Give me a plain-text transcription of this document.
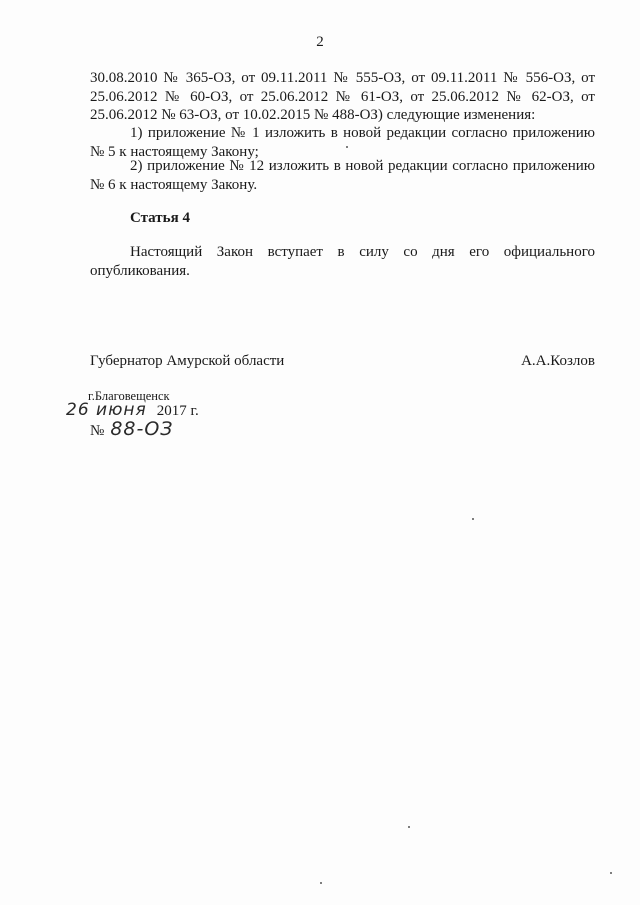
2
30.08.2010 № 365-ОЗ, от 09.11.2011 № 555-ОЗ, от 09.11.2011 № 556-ОЗ, от
25.06.2012 № 60-ОЗ, от 25.06.2012 № 61-ОЗ, от 25.06.2012 № 62-ОЗ, от
25.06.2012 № 63-ОЗ, от 10.02.2015 № 488-ОЗ) следующие изменения:
1) приложение № 1 изложить в новой редакции согласно приложению
№ 5 к настоящему Закону;
2) приложение № 12 изложить в новой редакции согласно приложению
№ 6 к настоящему Закону.
Статья 4
Настоящий Закон вступает в силу со дня его официального
опубликования.
Губернатор Амурской области	А.А.Козлов
г.Благовещенск
26 июня 2017 г.
№ 88-ОЗ
